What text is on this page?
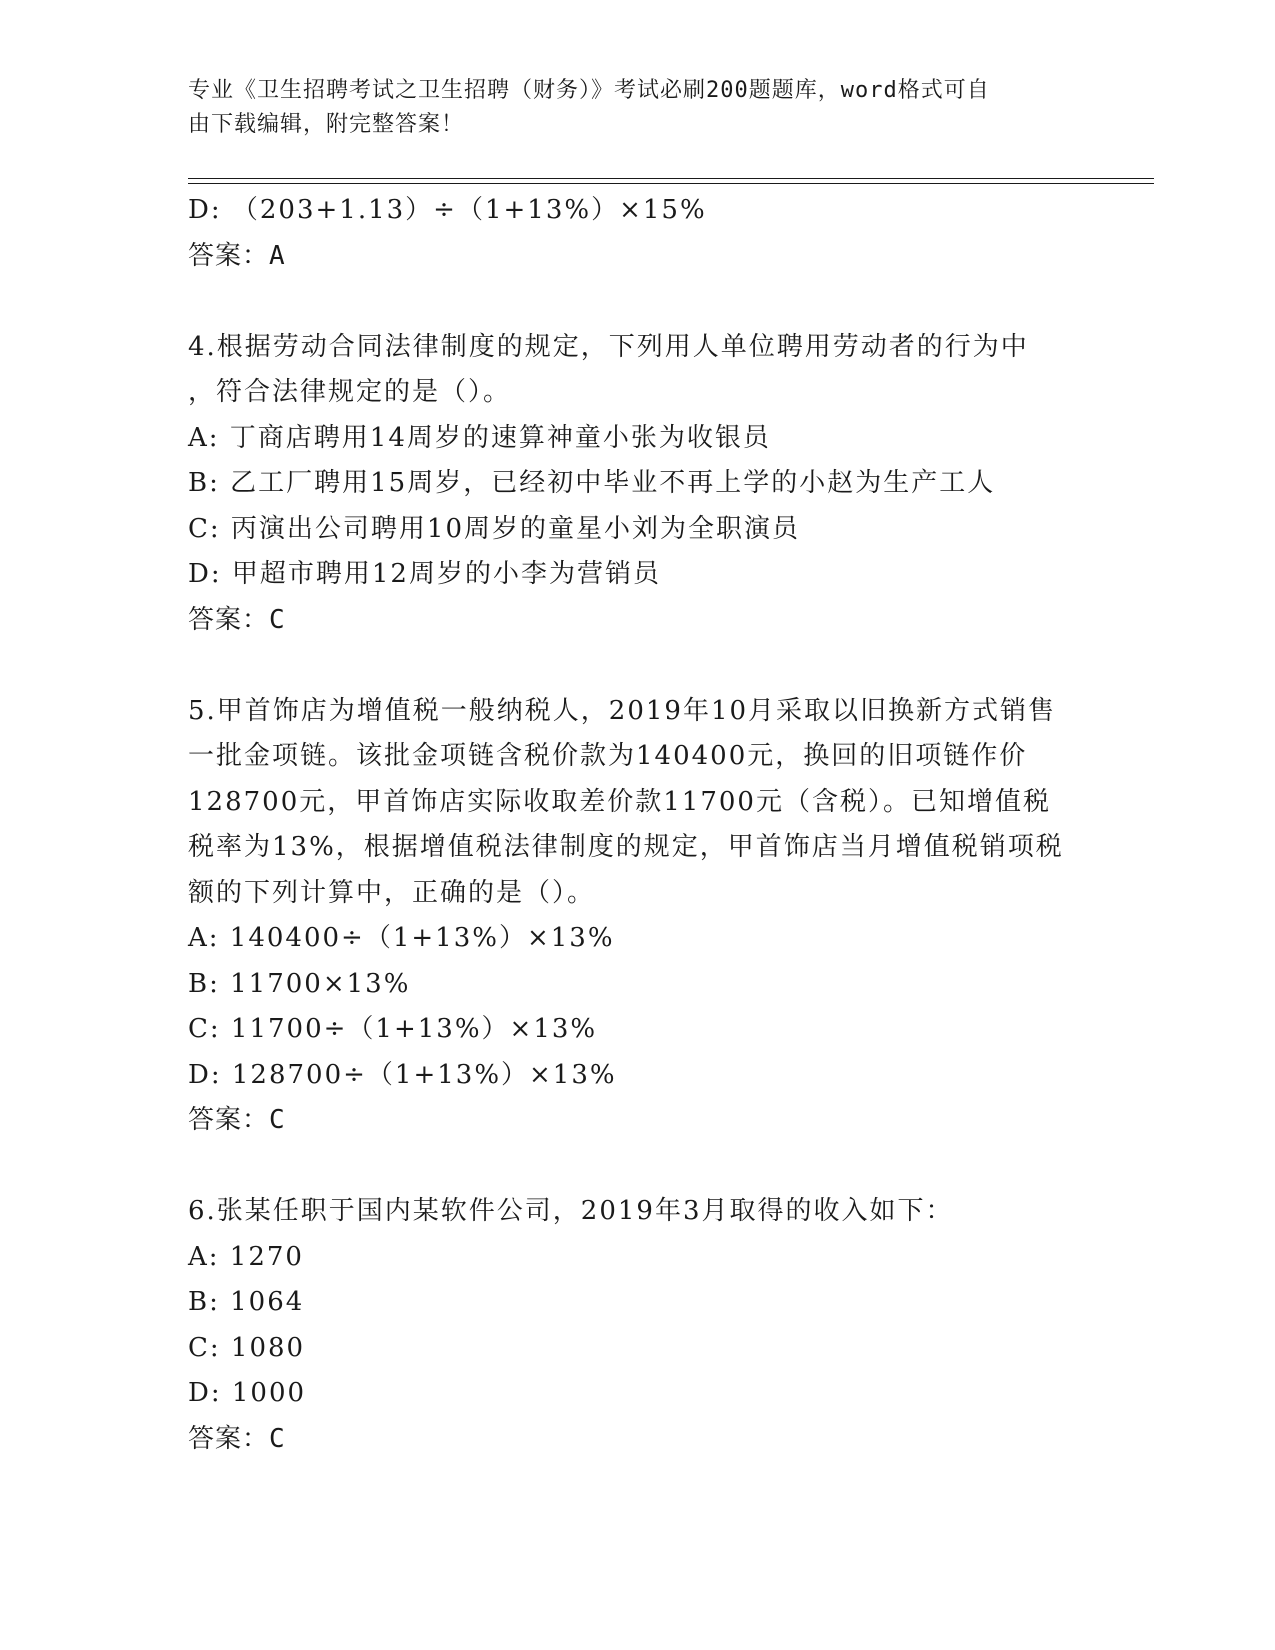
专业《卫生招聘考试之卫生招聘（财务）》考试必刷200题题库，word格式可自
由下载编辑，附完整答案！
D: （203+1.13）÷（1+13%）×15%
答案：A
4.根据劳动合同法律制度的规定，下列用人单位聘用劳动者的行为中
，符合法律规定的是（）。
A: 丁商店聘用14周岁的速算神童小张为收银员
B: 乙工厂聘用15周岁，已经初中毕业不再上学的小赵为生产工人
C: 丙演出公司聘用10周岁的童星小刘为全职演员
D: 甲超市聘用12周岁的小李为营销员
答案：C
5.甲首饰店为增值税一般纳税人，2019年10月采取以旧换新方式销售
一批金项链。该批金项链含税价款为140400元，换回的旧项链作价
128700元，甲首饰店实际收取差价款11700元（含税）。已知增值税
税率为13%，根据增值税法律制度的规定，甲首饰店当月增值税销项税
额的下列计算中，正确的是（）。
A: 140400÷（1+13%）×13%
B: 11700×13%
C: 11700÷（1+13%）×13%
D: 128700÷（1+13%）×13%
答案：C
6.张某任职于国内某软件公司，2019年3月取得的收入如下：
A: 1270
B: 1064
C: 1080
D: 1000
答案：C
